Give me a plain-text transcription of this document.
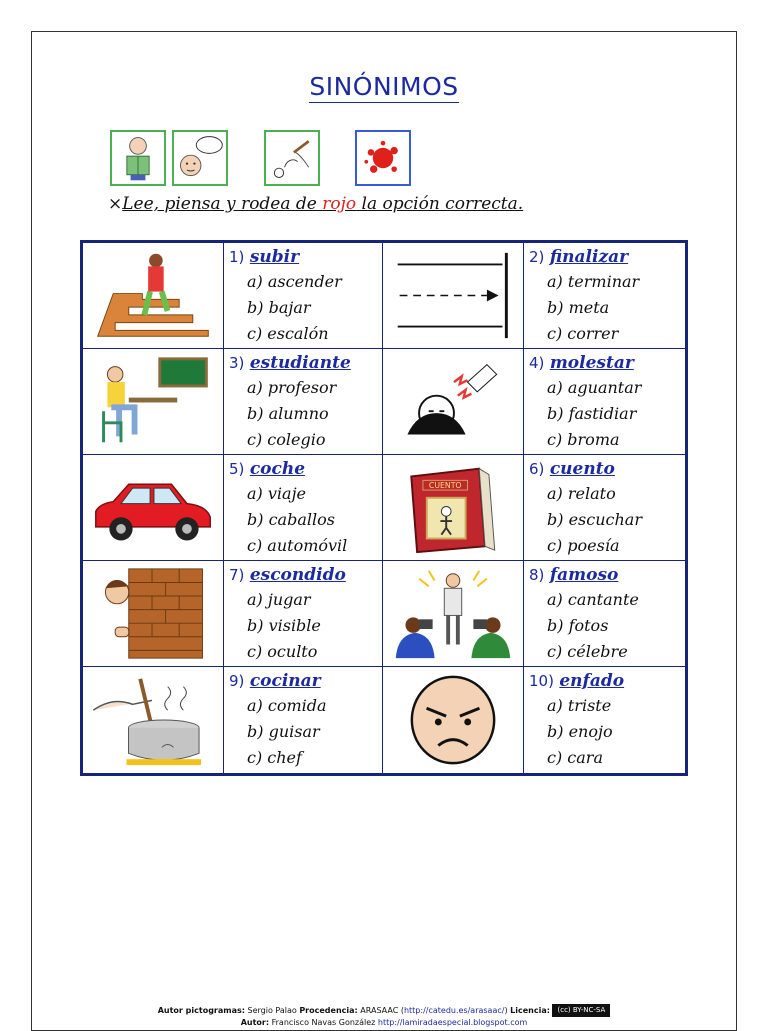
SINÓNIMOS
×Lee, piensa y rodea de rojo la opción correcta.
1) subir
a) ascender
b) bajar
c) escalón
2) finalizar
a) terminar
b) meta
c) correr
3) estudiante
a) profesor
b) alumno
c) colegio
4) molestar
a) aguantar
b) fastidiar
c) broma
5) coche
a) viaje
b) caballos
c) automóvil
CUENTO
6) cuento
a) relato
b) escuchar
c) poesía
7) escondido
a) jugar
b) visible
c) oculto
8) famoso
a) cantante
b) fotos
c) célebre
9) cocinar
a) comida
b) guisar
c) chef
10) enfado
a) triste
b) enojo
c) cara
Autor pictogramas: Sergio Palao Procedencia: ARASAAC (http://catedu.es/arasaac/) Licencia: (cc) BY-NC-SA
Autor: Francisco Navas González http://lamiradaespecial.blogspot.com
